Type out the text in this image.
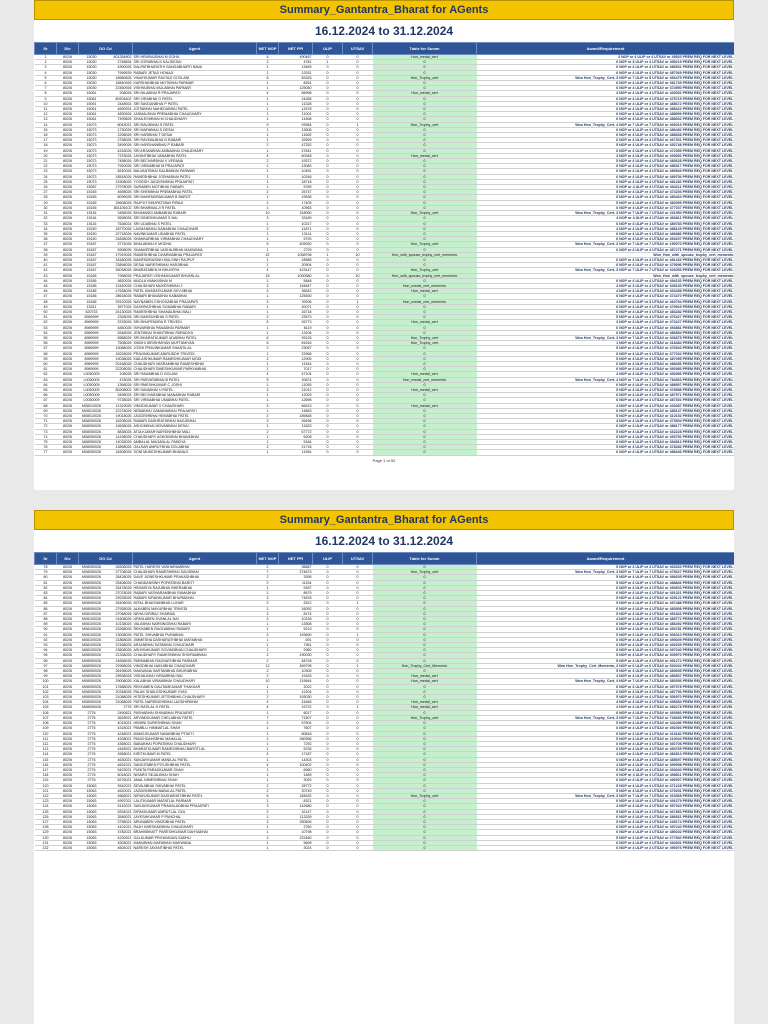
Summary_Gantantra_Bharat for AGents
16.12.2024 to 31.12.2024
Sr	Div	DO Cd		Agent	NET NOP	NET FPI	ULIP	UTSAV	Table for Summ	Award/Requirement
1	802/6	15030	801284802	SRI HEMRAJBHAI M GOHIL	4	490467	0	0	Hon_medal_cert	3 NOP or 4 ULIP or 4 UTSAV or 49533 PREM REQ FOR NEXT LEVEL
2	802/6	15030	2748834	SRI JORABHAI K KALIDESAI	2	4781	1	0	0	6 NOP or 3 ULIP or 4 UTSAV or 495219 PREM REQ FOR NEXT LEVEL
3	802/6	15030	4390026	DALPATBHARATHI GANGABHARTI BAVA	1	13469	0	0	0	6 NOP or 4 ULIP or 4 UTSAV or 486531 PREM REQ FOR NEXT LEVEL
4	802/6	15030	7999539	RABARI JETAJI HONAJI	1	12931	0	0	0	6 NOP or 4 ULIP or 4 UTSAV or 487069 PREM REQ FOR NEXT LEVEL
5	802/6	15030	18980826	VINAYKUMAR RAVTAJI GOVLANI	6	83325	0	0	Hon_Trophy_cert	Won Hon_Trophy_Cert, 3 NOP or 7 ULIP or 5 UTSAV or 466475 PREM REQ FOR NEXT LEVEL
6	802/6	15030	18840926	KARSHANBHAI MOTIBHAI PARMAR	1	8261	0	0	0	6 NOP or 4 ULIP or 4 UTSAV or 491739 PREM REQ FOR NEXT LEVEL
7	802/6	15030	22460926	VISHNUBHAI MULABHAI PARMAR	1	125050	0	0	0	6 NOP or 4 ULIP or 4 UTSAV or 374950 PREM REQ FOR NEXT LEVEL
8	802/6	15061	208026	SRI NILABHAI R PRAJAPATI	4	66998	0	0	Hon_medal_cert	4 NOP or 4 ULIP or 4 UTSAV or 433002 PREM REQ FOR NEXT LEVEL
9	802/6	15061	80204402	SRI VIRABHAI G PATEL	1	24285	0	0	0	6 NOP or 4 ULIP or 4 UTSAV or 475715 PREM REQ FOR NEXT LEVEL
10	802/6	15061	2448924	SRI SAVDANBHAI P PATEL	1	11328	0	0	0	6 NOP or 4 ULIP or 4 UTSAV or 488672 PREM REQ FOR NEXT LEVEL
11	802/6	15061	4690924	JOITABHAI MAHEDABHAI PATEL	1	11578	0	0	0	6 NOP or 4 ULIP or 4 UTSAV or 488422 PREM REQ FOR NEXT LEVEL
12	802/6	15061	4830926	JASMALBHAI PREMABHAI CHAUDHARY	1	11001	0	0	0	6 NOP or 4 ULIP or 4 UTSAV or 488999 PREM REQ FOR NEXT LEVEL
13	802/6	15061	7499826	SHAILESHBHAI M CHAUDHARY	1	11698	0	0	0	6 NOP or 4 ULIP or 4 UTSAV or 488302 PREM REQ FOR NEXT LEVEL
14	802/6	15073	8043021	SRI RAVJIBHAI S PATEL	9	93984	0	1	Hon_Trophy_cert	Won Hon_Trophy_Cert, 4 NOP or 7 ULIP or 7 UTSAV or 406016 PREM REQ FOR NEXT LEVEL
15	802/6	15073	1730026	SRI MAFABHAI S DESAI	1	13508	0	0	0	6 NOP or 4 ULIP or 4 UTSAV or 486492 PREM REQ FOR NEXT LEVEL
16	802/6	15073	2298026	SRI HARIBHAI T DESAI	1	11692	0	0	0	6 NOP or 4 ULIP or 4 UTSAV or 488308 PREM REQ FOR NEXT LEVEL
17	802/6	15073	2758026	SRI RAYMALBHAI N RABARI	1	32699	0	0	0	6 NOP or 4 ULIP or 4 UTSAV or 467301 PREM REQ FOR NEXT LEVEL
18	802/6	15073	3499026	SRI HARSHANBHAI P RABARI	2	47252	0	0	0	5 NOP or 4 ULIP or 4 UTSAV or 452748 PREM REQ FOR NEXT LEVEL
19	802/6	15073	4318026	SRI ARJANBHAI AMBABHAI CHAUDHARY	1	27641	0	0	0	6 NOP or 4 ULIP or 4 UTSAV or 472359 PREM REQ FOR NEXT LEVEL
20	802/6	15073	7375026	JAYANTIBHAI VANABHAI PATEL	4	60948	0	0	Hon_medal_cert	4 NOP or 4 ULIP or 4 UTSAV or 439052 PREM REQ FOR NEXT LEVEL
21	802/6	15073	7458026	SRI BECHARBHAI V VERANA	2	19372	0	0	0	5 NOP or 4 ULIP or 4 UTSAV or 480628 PREM REQ FOR NEXT LEVEL
22	802/6	15073	7920026	SRI VIRMABHAI M PRAJAPATI	1	13083	0	0	0	6 NOP or 4 ULIP or 4 UTSAV or 486917 PREM REQ FOR NEXT LEVEL
23	802/6	15073	8240026	BALVANTBHAI DALBABHAI PARMAR	1	10451	0	0	0	6 NOP or 4 ULIP or 4 UTSAV or 489549 PREM REQ FOR NEXT LEVEL
24	802/6	15073	18518026	RAMESHBHAI JODHABHAI PATEL	1	10246	0	0	0	6 NOP or 4 ULIP or 4 UTSAV or 489754 PREM REQ FOR NEXT LEVEL
25	802/6	15073	21508026	YOGESH JAGDISHBHAI PRAJAPATI	1	18718	0	0	0	6 NOP or 4 ULIP or 4 UTSAV or 481282 PREM REQ FOR NEXT LEVEL
26	802/6	15087	27978026	SURABEN MOTIBHAI RABARI	1	5789	0	0	0	6 NOP or 4 ULIP or 4 UTSAV or 494211 PREM REQ FOR NEXT LEVEL
27	802/6	15165	4698026	SRI SHENBHAI PREMABHAI PATEL	2	25747	0	0	0	5 NOP or 4 ULIP or 4 UTSAV or 474253 PREM REQ FOR NEXT LEVEL
28	802/6	15165	6099026	SRI MAHENDRAKUMAR B BAROT	1	19536	0	0	0	6 NOP or 4 ULIP or 4 UTSAV or 480464 PREM REQ FOR NEXT LEVEL
29	802/6	15165	25608026	RAJPUT BHUPATSINH PIRAJI	2	17405	0	0	0	5 NOP or 4 ULIP or 4 UTSAV or 482595 PREM REQ FOR NEXT LEVEL
30	802/6	15165	801105102	SRI BHARMALJI R PATEL	1	10963	0	0	0	6 NOP or 4 ULIP or 4 UTSAV or 477037 PREM REQ FOR NEXT LEVEL
31	802/6	15116	3458026	BHUMANDI AMBABHAI RABARI	10	318050	0	0	Hon_Trophy_cert	Won Hon_Trophy_Cert, 3 NOP or 7 ULIP or 7 UTSAV or 231950 PREM REQ FOR NEXT LEVEL
32	802/6	15116	5598026	SRI DINESHKUMAR S NAI	3	33189	0	0	0	4 NOP or 4 ULIP or 4 UTSAV or 466811 PREM REQ FOR NEXT LEVEL
33	802/6	15116	7538024	SRI UDABHAI S PATEL	1	10217	0	0	0	6 NOP or 4 ULIP or 4 UTSAV or 489783 PREM REQ FOR NEXT LEVEL
34	802/6	15150	18770026	LAXMANBHAI DANABHAI CHAUDHARI	3	11871	0	0	0	4 NOP or 4 ULIP or 4 UTSAV or 488129 PREM REQ FOR NEXT LEVEL
35	802/6	15150	22718026	NAVINKUMAR UDABHAI PATEL	1	13114	0	0	0	6 NOP or 4 ULIP or 4 UTSAV or 486886 PREM REQ FOR NEXT LEVEL
36	802/6	15150	24838026	SHANKARBHAI VIRMABHAI CHAUDHARY	1	5793	0	0	0	6 NOP or 4 ULIP or 4 UTSAV or 494207 PREM REQ FOR NEXT LEVEL
37	802/6	15187	3774026	BHALABHAI K MODHA	5	409930	0	0	Hon_Trophy_cert	Won Hon_Trophy_Cert, 3 NOP or 7 ULIP or 7 UTSAV or 190070 PREM REQ FOR NEXT LEVEL
38	802/6	15187	5908026	SHANKERBHAI VASHAJIBHAI MAKWANA	1	2729	0	0	0	6 NOP or 4 ULIP or 4 UTSAV or 497271 PREM REQ FOR NEXT LEVEL
39	802/6	15187	17919026	RAMESHBHAI DHARMABHAI PRAJAPATI	22	1058798	1	10	Hon_with_spouse_trophy_cert_memento	Won_Hon_with_spouse_trophy_cert_memento
40	802/6	15187	18180026	MAHENDRASINH MULSINH RAJPUT	1	18568	0	0	0	6 NOP or 4 ULIP or 4 UTSAV or 481432 PREM REQ FOR NEXT LEVEL
41	802/6	15187	23898026	DESAI NARESHBHAI HARJIBHAI	1	20904	0	0	0	6 NOP or 4 ULIP or 4 UTSAV or 479096 PREM REQ FOR NEXT LEVEL
42	802/6	15187	26038026	BHARATABEN M BHUVRYA	4	423147	0	0	Hon_Trophy_cert	Won Hon_Trophy_Cert, 3 NOP or 7 ULIP or 7 UTSAV or 326053 PREM REQ FOR NEXT LEVEL
43	802/6	15166	7998026	PRAJAPATI VISHNUKUMAR BHVARLAL	15	1000580	0	10	Hon_with_spouse_trophy_cert_memento	Won_Hon_with_spouse_trophy_cert_memento
44	802/6	15186	9820024	MUDLA HANKUBHAI M	1	5848	0	0	0	6 NOP or 4 ULIP or 4 UTSAV or 494152 PREM REQ FOR NEXT LEVEL
45	802/6	15186	12440026	CHAUDHARI MUKESHBHAI J	2	154847	0	0	Hon_medal_cert_memento	4 NOP or 3 ULIP or 4 UTSAV or 345153 PREM REQ FOR NEXT LEVEL
46	802/6	15186	17638026	PATEL BHARATKUMAR DEVJIBHAI	3	36542	0	0	Hon_medal_cert	4 NOP or 4 ULIP or 4 UTSAV or 463458 PREM REQ FOR NEXT LEVEL
47	802/6	15186	28618026	RABARI BHAVABHAI KABABHAI	1	125530	0	0	0	6 NOP or 4 ULIP or 4 UTSAV or 374470 PREM REQ FOR NEXT LEVEL
48	802/6	15186	29120026	NAYNABEN CHHOGABHAI PRAJAPATI	3	39206	0	1	Hon_medal_cert_memento	4 NOP or 4 ULIP or 3 UTSAV or 460794 PREM REQ FOR NEXT LEVEL
49	802/6	15311	3577024	DASHRATHBHAI SOMABHAI RABARI	1	20071	0	0	0	6 NOP or 4 ULIP or 4 UTSAV or 479929 PREM REQ FOR NEXT LEVEL
50	802/6	620733	24130026	RAMESHBHAI SHAMALBHAI MALI	1	16718	0	0	0	6 NOP or 4 ULIP or 4 UTSAV or 483282 PREM REQ FOR NEXT LEVEL
51	802/6	8989999	2328026	SRI MANSUKBHAI S PATEL	2	23573	0	0	0	5 NOP or 4 ULIP or 4 UTSAV or 476427 PREM REQ FOR NEXT LEVEL
52	802/6	8989999	2378026	SRI BHUPENDRA R TRIVEDI	5	26773	0	0	Hon_medal_cert	3 NOP or 4 ULIP or 4 UTSAV or 473227 PREM REQ FOR NEXT LEVEL
53	802/6	8989999	4840026	ISHVARBHAI PANABHAI PARMAR	1	6119	0	0	0	6 NOP or 4 ULIP or 4 UTSAV or 493881 PREM REQ FOR NEXT LEVEL
54	802/6	8989999	5348026	JENTIBHAI SHANTIBHAI PARADIYA	1	13106	0	0	0	6 NOP or 4 ULIP or 4 UTSAV or 486894 PREM REQ FOR NEXT LEVEL
55	802/6	8989999	6588026	SRI BHARATKUMAR UDABHAI PATEL	6	93125	0	0	Hon_Trophy_cert	Won Hon_Trophy_Cert, 3 NOP or 7 ULIP or 5 UTSAV or 406875 PREM REQ FOR NEXT LEVEL
56	802/6	8989999	7508026	SINDHI IDRISHMIYAN MUFTAMIYAN	6	81516	0	0	Hon_Trophy_cert	1 NOP or 4 ULIP or 4 UTSAV or 418484 PREM REQ FOR NEXT LEVEL
57	802/6	8989999	13088026	JOSHI PRAVINKUMAR SHANTILAL	2	23057	0	0	0	5 NOP or 4 ULIP or 4 UTSAV or 476943 PREM REQ FOR NEXT LEVEL
58	802/6	8989999	18228026	PRAVINKUMAR ANIRUDDH TRIVEDI	1	22968	0	0	0	6 NOP or 4 ULIP or 4 UTSAV or 477032 PREM REQ FOR NEXT LEVEL
59	802/6	8989999	19038026	KAILASHKUMAR RAMESHKUMAR MODI	2	12905	0	0	0	5 NOP or 4 ULIP or 4 UTSAV or 487095 PREM REQ FOR NEXT LEVEL
60	802/6	8989999	20168026	CHAUDHARI VASRAMBHAI RAMESHBHAI	1	11544	0	0	0	6 NOP or 4 ULIP or 4 UTSAV or 488456 PREM REQ FOR NEXT LEVEL
61	802/6	8989999	22208026	CHAUDHARI DINESHKUMAR PARKHABHAI	1	7017	0	0	0	6 NOP or 4 ULIP or 4 UTSAV or 492983 PREM REQ FOR NEXT LEVEL
62	802/6	L0050009	108026	SRI RAMABHAI D GOLANI	4	47104	0	0	Hon_medal_cert	4 NOP or 4 ULIP or 4 UTSAV or 452896 PREM REQ FOR NEXT LEVEL
63	802/6	L0050009	478026	SRI PARVATABHAI B PATEL	5	20674	0	0	Hon_medal_cert_memento	Won Hon_Trophy_Cert, 4 NOP or 7 ULIP or 7 UTSAV or 784963 PREM REQ FOR NEXT LEVEL
64	802/6	L0050009	1368026	SRI RMESHKUMAR C JOSHI	1	11093	0	0	0	6 NOP or 4 ULIP or 4 UTSAV or 488907 PREM REQ FOR NEXT LEVEL
65	802/6	L0050009	80208002	SRI SAVABHAI U PATEL	2	21012	0	0	Hon_medal_cert	5 NOP or 4 ULIP or 4 UTSAV or 478988 PREM REQ FOR NEXT LEVEL
66	802/6	L0050009	3498024	SRI BECHARABHAI MANABHAI RABARI	1	12029	0	0	0	6 NOP or 4 ULIP or 4 UTSAV or 487971 PREM REQ FOR NEXT LEVEL
67	802/6	L0050009	9738026	SRI VIRMABHAI UMABHAI PATEL	1	12698	0	0	0	6 NOP or 4 ULIP or 4 UTSAV or 487302 PREM REQ FOR NEXT LEVEL
68	802/6	M08010026	11319026	VINODKUMAR V CHAUDHARI	3	66913	0	0	Hon_medal_cert	4 NOP or 3 ULIP or 4 UTSAV or 433087 PREM REQ FOR NEXT LEVEL
69	802/6	M08010026	22278026	NEBABHAI GAMANABHAI PRAJAPATI	1	14853	0	0	0	6 NOP or 4 ULIP or 4 UTSAV or 485147 PREM REQ FOR NEXT LEVEL
70	802/6	M08010026	19018026	JAGDISHBHAI HEMABHAI PATEL	2	189848	0	0	0	5 NOP or 4 ULIP or 4 UTSAV or 310152 PREM REQ FOR NEXT LEVEL
71	802/6	M08050026	16208026	RABARI DASHRATHBHAI NAGJIBHAI	3	26496	0	0	0	4 NOP or 4 ULIP or 4 UTSAV or 473504 PREM REQ FOR NEXT LEVEL
72	802/6	M08050026	15638026	ASHOKBHAI MOVANBHAI DESAI	1	11823	0	0	0	6 NOP or 4 ULIP or 4 UTSAV or 488177 PREM REQ FOR NEXT LEVEL
73	802/6	M08050026	8838026	ATULKUMAR NARSINHBHAI MALI	2	67772	0	0	0	5 NOP or 4 ULIP or 4 UTSAV or 432228 PREM REQ FOR NEXT LEVEL
74	802/6	M08050026	14198026	CHAUDHARY ASHOKBHAI BHAVABHAI	1	6208	0	0	0	6 NOP or 4 ULIP or 4 UTSAV or 493792 PREM REQ FOR NEXT LEVEL
75	802/6	M08050026	14028026	AMBALAL MAGANLAL PANDYA	1	5184	0	0	0	6 NOP or 4 ULIP or 4 UTSAV or 494816 PREM REQ FOR NEXT LEVEL
76	802/6	M08050026	13898026	GALSAR AMRUTBHAI DOLABHAI	2	21718	0	0	0	5 NOP or 4 ULIP or 4 UTSAV or 478282 PREM REQ FOR NEXT LEVEL
77	802/6	M08050026	16308026	SONI MUKESHKUMAR BHANAJI	1	11554	0	0	0	6 NOP or 4 ULIP or 4 UTSAV or 488446 PREM REQ FOR NEXT LEVEL
Page 1 of 52
Summary_Gantantra_Bharat for AGents
16.12.2024 to 31.12.2024
Sr	Div	DO Cd		Agent	NET NOP	NET FPI	ULIP	UTSAV	Table for Summ	Award/Requirement
78	802/6	M08050026	28308026	PATEL HARESH VASHARAMBHAI	2	36667	0	0	0	5 NOP or 4 ULIP or 4 UTSAV or 463333 PREM REQ FOR NEXT LEVEL
79	802/6	M08050026	27708026	CHAUDHARI RAMESHBHAI SAVJIBHAI	7	274673	0	0	Hon_Trophy_cert	Won Hon_Trophy_Cert, 4 NOP or 7 ULIP or 7 UTSAV or 475327 PREM REQ FOR NEXT LEVEL
80	802/6	M08050026	28428026	DAVE JIGNESHKUMAR PRAKASHBHAI	2	3395	0	0	0	5 NOP or 4 ULIP or 4 UTSAV or 496605 PREM REQ FOR NEXT LEVEL
81	802/6	M08050026	25408026	CHANDANSINH POPATBHAI BAROT	2	11154	0	0	0	5 NOP or 4 ULIP or 4 UTSAV or 488846 PREM REQ FOR NEXT LEVEL
82	802/6	M08050026	25478026	HEMASIYA RAJUBHAI BHERABHAI	1	5397	0	0	0	6 NOP or 4 ULIP or 4 UTSAV or 494603 PREM REQ FOR NEXT LEVEL
83	802/6	M08050026	27078026	RABARI VASHARAMBHAI RAMABHAI	1	8679	0	0	0	6 NOP or 4 ULIP or 4 UTSAV or 491321 PREM REQ FOR NEXT LEVEL
84	802/6	M08050026	29228026	RABARI KIRANKUMAR BHURABHAI	2	74878	0	0	0	5 NOP or 4 ULIP or 4 UTSAV or 425122 PREM REQ FOR NEXT LEVEL
85	802/6	M08050026	26408026	MITAL BHAGVANBHAI LUHAR	2	2512	0	1	0	5 NOP or 4 ULIP or 3 UTSAV or 497488 PREM REQ FOR NEXT LEVEL
86	802/6	M08050026	27928026	ALKABEN MAYURBHAI TRIVEDI	1	16092	0	0	0	6 NOP or 4 ULIP or 4 UTSAV or 483908 PREM REQ FOR NEXT LEVEL
87	802/6	M08100026	27068026	NEHA GIRIRAJ SHARMA	2	8174	0	0	0	5 NOP or 4 ULIP or 4 UTSAV or 491826 PREM REQ FOR NEXT LEVEL
88	802/6	M08100026	21608026	URMILABEN JIVANLAL NAI	3	10228	0	0	0	4 NOP or 4 ULIP or 4 UTSAV or 489772 PREM REQ FOR NEXT LEVEL
89	802/6	M08100026	10138026	VALABHAI NARSINGBHAI RABARI	1	13508	0	0	0	6 NOP or 4 ULIP or 4 UTSAV or 486492 PREM REQ FOR NEXT LEVEL
90	802/6	M08100026	23268026	REKHABEN RAGHABHAI RABARI	1	5219	0	0	0	6 NOP or 4 ULIP or 4 UTSAV or 494781 PREM REQ FOR NEXT LEVEL
91	802/6	M08100026	13008026	PATEL SHIVABHAI PURABHAI	3	193690	0	1	0	5 NOP or 3 ULIP or 4 UTSAV or 306310 PREM REQ FOR NEXT LEVEL
92	802/6	M08100026	21868026	JIMMESHA DASHARATHBHAI MAFABHAI	1	691	0	0	0	6 NOP or 4 ULIP or 4 UTSAV or 499309 PREM REQ FOR NEXT LEVEL
93	802/6	M08100026	22168026	ARJANBHAI SATABHAI CHAUDHARI	1	7361	0	0	0	6 NOP or 4 ULIP or 4 UTSAV or 492639 PREM REQ FOR NEXT LEVEL
94	802/6	M08100026	23608026	ASHVINKUMAR GOVINDBHAI CHAUDHARY	1	2960	0	0	0	6 NOP or 4 ULIP or 4 UTSAV or 497040 PREM REQ FOR NEXT LEVEL
95	802/6	M08050026	21338026	CHAUDHARY RAMESHBHAI SHIVRAMBHAI	2	190030	0	0	0	5 NOP or 4 ULIP or 4 UTSAV or 309970 PREM REQ FOR NEXT LEVEL
96	802/6	M08050026	24658026	PARMABHAI RAGNATHBHAI PARMAR	2	48728	0	0	0	5 NOP or 4 ULIP or 4 UTSAV or 451272 PREM REQ FOR NEXT LEVEL
97	802/6	M08050026	22968026	VINODBHAI NANJIBHAI CHAUDHARI	12	469798	0	1	Hon_Trophy_Cert_Memento	Won Hon_Trophy_Cert_Memento, 3 NOP or 6 ULIP or 6 UTSAV or 530202 PREM REQ FOR NEXT LEVEL
98	802/6	M08050026	26198026	MAKWANA SARTANBHAI BHURABHAI	2	10305	0	0	0	5 NOP or 4 ULIP or 4 UTSAV or 489695 PREM REQ FOR NEXT LEVEL
99	802/6	M08050026	29538026	VISHALBHAI VIRAMBHAI NAI	2	19163	0	0	Hon_medal_cert	4 NOP or 4 ULIP or 4 UTSAV or 480837 PREM REQ FOR NEXT LEVEL
100	802/6	M08050026	29008026	KALABHAI VIRAMBHAI CHAUDHARY	10	119644	0	0	Hon_medal_cert	Won Hon_Trophy_Cert, 4 NOP or 7 ULIP or 7 UTSAV or 380356 PREM REQ FOR NEXT LEVEL
101	802/6	M08050026	17688026	REKHABEN GAUTAMKUMAR THAKKAR	1	2022	0	0	0	6 NOP or 4 ULIP or 4 UTSAV or 497978 PREM REQ FOR NEXT LEVEL
102	802/6	M08050026	20348026	PALAK SHAILESHKUMAR VYAS	1	12204	0	0	0	6 NOP or 4 ULIP or 4 UTSAV or 487796 PREM REQ FOR NEXT LEVEL
103	802/6	M08050026	21088026	HITESHKUMAR JETSHIBHAI CHAUDHARY	2	193030	0	0	0	5 NOP or 4 ULIP or 4 UTSAV or 306970 PREM REQ FOR NEXT LEVEL
104	802/6	M08050026	21068026	PATEL NARSINGHBHAI LAGDHIRBHAI	4	41646	0	0	Hon_medal_cert	4 NOP or 4 ULIP or 4 UTSAV or 458354 PREM REQ FOR NEXT LEVEL
105	802/6	M08050026	2776	SRI RATILAL H PATEL	4	19722	0	1	Hon_medal_cert	4 NOP or 4 ULIP or 3 UTSAV or 480278 PREM REQ FOR NEXT LEVEL
106	802/6	2776	2490621	PASHABHAI SHIVABHAI PRAJAPATI	1	6017	0	0	0	6 NOP or 4 ULIP or 4 UTSAV or 493983 PREM REQ FOR NEXT LEVEL
107	802/6	2776	3628921	ARVINDKUMAR CHELABHAI PATEL	7	71507	0	0	Hon_Trophy_cert	Won Hon_Trophy_Cert, 3 NOP or 7 ULIP or 7 UTSAV or 728493 PREM REQ FOR NEXT LEVEL
108	802/6	2776	4015021	HEMINI SURESHBHAI SHAH	2	57504	0	0	0	5 NOP or 4 ULIP or 4 UTSAV or 442496 PREM REQ FOR NEXT LEVEL
109	802/6	2776	4318021	PAMBLU HIMMATLAL SHAH	1	7607	0	0	0	6 NOP or 4 ULIP or 4 UTSAV or 492393 PREM REQ FOR NEXT LEVEL
110	802/6	2776	4248021	MANOJKUMAR NAVANBHAI PTAKTI	1	80818	0	0	0	6 NOP or 4 ULIP or 4 UTSAV or 419182 PREM REQ FOR NEXT LEVEL
111	802/6	2776	4338021	PANCHDAHSBHAI MAHALAL	2	280956	0	0	0	5 NOP or 4 ULIP or 4 UTSAV or 219044 PREM REQ FOR NEXT LEVEL
112	802/6	2776	4368021	BABUBHAI POPATBHAI CHAUDHARY	1	7292	0	0	0	6 NOP or 4 ULIP or 4 UTSAV or 492708 PREM REQ FOR NEXT LEVEL
113	802/6	2776	4448921	BHARATKUMAR RAMESHBHAI BAROTLAL	1	5235	0	0	0	6 NOP or 4 ULIP or 4 UTSAV or 494765 PREM REQ FOR NEXT LEVEL
114	802/6	2776	4558021	KIRITKUMAR M PATEL	4	17187	0	0	0	4 NOP or 4 ULIP or 4 UTSAV or 482813 PREM REQ FOR NEXT LEVEL
115	802/6	2776	4630021	SANJAYKUMAR MANILAL PATEL	1	14303	0	0	0	6 NOP or 4 ULIP or 4 UTSAV or 485697 PREM REQ FOR NEXT LEVEL
116	802/6	2776	4631021	SANGITABEN PIYUSHBHAI PATEL	4	100402	0	0	0	4 NOP or 4 ULIP or 4 UTSAV or 399598 PREM REQ FOR NEXT LEVEL
117	802/6	2776	5423021	PUNITA PARAGKUMAR SHAH	1	6960	0	0	0	6 NOP or 4 ULIP or 4 UTSAV or 493040 PREM REQ FOR NEXT LEVEL
118	802/6	2776	6018021	NISARG SEJALBHAI SHAH	1	1489	0	0	0	6 NOP or 4 ULIP or 4 UTSAV or 498511 PREM REQ FOR NEXT LEVEL
119	802/6	2776	6276021	AMAL NIMESHBHAI SHAH	1	3093	0	0	0	6 NOP or 4 ULIP or 4 UTSAV or 496907 PREM REQ FOR NEXT LEVEL
120	802/6	15063	3942021	DEVAJIBHAI SHIVABHAI PATEL	2	28772	0	0	0	5 NOP or 4 ULIP or 4 UTSAV or 471228 PREM REQ FOR NEXT LEVEL
121	802/6	15063	4620021	JAGDISHBHAI BABULAL PATEL	2	20749	0	0	0	5 NOP or 4 ULIP or 4 UTSAV or 479251 PREM REQ FOR NEXT LEVEL
122	802/6	15063	4665021	NIRUNJKUMAR DASHARATHBHAI PATEL	6	184632	0	0	Hon_Trophy_cert	Won Hon_Trophy_Cert, 3 NOP or 7 ULIP or 7 UTSAV or 315368 PREM REQ FOR NEXT LEVEL
123	802/6	15063	4997021	LALITKUMAR MAFATLAL PARMAR	1	8321	0	0	0	6 NOP or 4 ULIP or 4 UTSAV or 491679 PREM REQ FOR NEXT LEVEL
124	802/6	15063	5142021	SANJAYKUMAR PRAHALADBHAI PRAJAPATI	3	142680	0	0	0	4 NOP or 4 ULIP or 4 UTSAV or 357320 PREM REQ FOR NEXT LEVEL
125	802/6	15063	5334021	DIPAKKUMAR AMRUTLAL OZA	2	32147	0	0	0	5 NOP or 4 ULIP or 4 UTSAV or 467853 PREM REQ FOR NEXT LEVEL
126	802/6	15063	3546021	JAYESHKUMAR P PANCHAL	1	113339	0	0	0	6 NOP or 4 ULIP or 4 UTSAV or 386661 PREM REQ FOR NEXT LEVEL
127	802/6	15063	3758021	ARUNABEN VINODBHAI PATEL	2	250826	0	0	0	5 NOP or 4 ULIP or 4 UTSAV or 249174 PREM REQ FOR NEXT LEVEL
128	802/6	15063	4101021	RAJH HARSHADBHAI CHAUDHARY	1	2760	0	0	0	6 NOP or 4 ULIP or 4 UTSAV or 497240 PREM REQ FOR NEXT LEVEL
129	802/6	15063	3782021	BRAHMBHATT PARESHKUMAR DAHYABHAI	1	10798	0	0	0	6 NOP or 4 ULIP or 4 UTSAV or 489202 PREM REQ FOR NEXT LEVEL
130	802/6	15063	4230921	GALKUMAR PRIYAVADAN SADHU	2	222460	0	0	0	5 NOP or 4 ULIP or 4 UTSAV or 277540 PREM REQ FOR NEXT LEVEL
131	802/6	15063	4528021	MANUBHAI MAFABHAI MAKWANA	1	5699	0	0	0	6 NOP or 4 ULIP or 4 UTSAV or 494301 PREM REQ FOR NEXT LEVEL
132	802/6	15063	4604021	NARESH JAYANTIBHAI PATEL	1	3024	0	0	0	6 NOP or 4 ULIP or 4 UTSAV or 496976 PREM REQ FOR NEXT LEVEL
